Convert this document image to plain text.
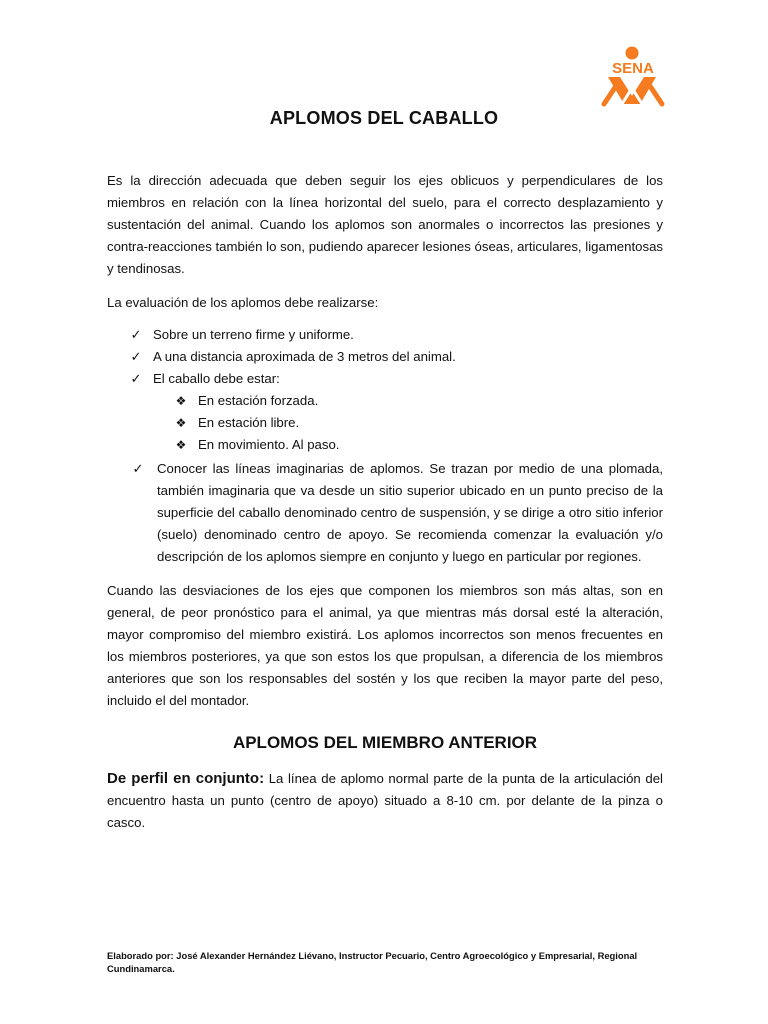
SENA
APLOMOS DEL CABALLO

Es la dirección adecuada que deben seguir los ejes oblicuos y perpendiculares de los miembros en relación con la línea horizontal del suelo, para el correcto desplazamiento y sustentación del animal. Cuando los aplomos son anormales o incorrectos las presiones y contra-reacciones también lo son, pudiendo aparecer lesiones óseas, articulares, ligamentosas y tendinosas.

La evaluación de los aplomos debe realizarse:

✓ Sobre un terreno firme y uniforme.
✓ A una distancia aproximada de 3 metros del animal.
✓ El caballo debe estar:
❖ En estación forzada.
❖ En estación libre.
❖ En movimiento. Al paso.
✓ Conocer las líneas imaginarias de aplomos. Se trazan por medio de una plomada, también imaginaria que va desde un sitio superior ubicado en un punto preciso de la superficie del caballo denominado centro de suspensión, y se dirige a otro sitio inferior (suelo) denominado centro de apoyo. Se recomienda comenzar la evaluación y/o descripción de los aplomos siempre en conjunto y luego en particular por regiones.

Cuando las desviaciones de los ejes que componen los miembros son más altas, son en general, de peor pronóstico para el animal, ya que mientras más dorsal esté la alteración, mayor compromiso del miembro existirá. Los aplomos incorrectos son menos frecuentes en los miembros posteriores, ya que son estos los que propulsan, a diferencia de los miembros anteriores que son los responsables del sostén y los que reciben la mayor parte del peso, incluido el del montador.

APLOMOS DEL MIEMBRO ANTERIOR

De perfil en conjunto: La línea de aplomo normal parte de la punta de la articulación del encuentro hasta un punto (centro de apoyo) situado a 8-10 cm. por delante de la pinza o casco.

Elaborado por: José Alexander Hernández Liévano, Instructor Pecuario, Centro Agroecológico y Empresarial, Regional Cundinamarca.
